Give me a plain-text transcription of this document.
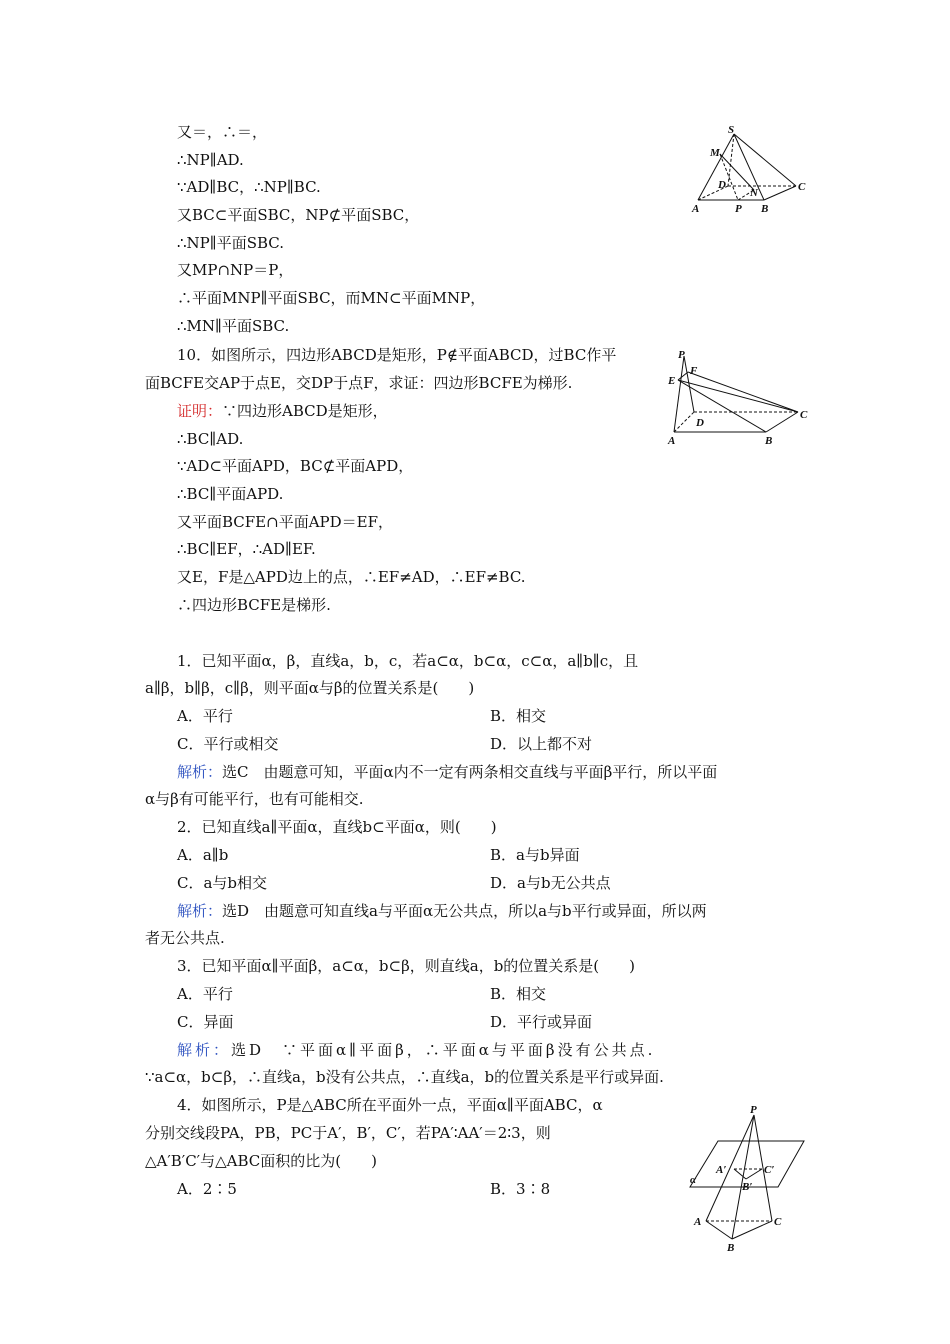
又＝，∴＝，
∴NP∥AD.
∵AD∥BC，∴NP∥BC.
又BC⊂平面SBC，NP⊄平面SBC，
∴NP∥平面SBC.
又MP∩NP＝P，
∴平面MNP∥平面SBC，而MN⊂平面MNP，
∴MN∥平面SBC.
S
M
D
N	C
A	P B
10．如图所示，四边形ABCD是矩形，P∉平面ABCD，过BC作平
面BCFE交AP于点E，交DP于点F，求证：四边形BCFE为梯形.
证明：∵四边形ABCD是矩形，
∴BC∥AD.
∵AD⊂平面APD，BC⊄平面APD，
∴BC∥平面APD.
又平面BCFE∩平面APD＝EF，
∴BC∥EF，∴AD∥EF.
又E，F是△APD边上的点，∴EF≠AD，∴EF≠BC.
∴四边形BCFE是梯形.
P
F
E
D
C
A	B
1．已知平面α，β，直线a，b，c，若a⊂α，b⊂α，c⊂α，a∥b∥c，且
a∥β，b∥β，c∥β，则平面α与β的位置关系是(　　)
A．平行	B．相交
C．平行或相交	D．以上都不对
解析：选C　由题意可知，平面α内不一定有两条相交直线与平面β平行，所以平面
α与β有可能平行，也有可能相交.
2．已知直线a∥平面α，直线b⊂平面α，则(　　)
A．a∥b	B．a与b异面
C．a与b相交	D．a与b无公共点
解析：选D　由题意可知直线a与平面α无公共点，所以a与b平行或异面，所以两
者无公共点.
3．已知平面α∥平面β，a⊂α，b⊂β，则直线a，b的位置关系是(　　)
A．平行	B．相交
C．异面	D．平行或异面
解析：选D　∵平面α∥平面β，∴平面α与平面β没有公共点.
∵a⊂α，b⊂β，∴直线a，b没有公共点，∴直线a，b的位置关系是平行或异面.
4．如图所示，P是△ABC所在平面外一点，平面α∥平面ABC，α
分别交线段PA，PB，PC于A′，B′，C′，若PA′∶AA′＝2∶3，则
△A′B′C′与△ABC面积的比为(　　)
A．2∶5	B．3∶8
P
A′	C′
B′
α
A
B
C
